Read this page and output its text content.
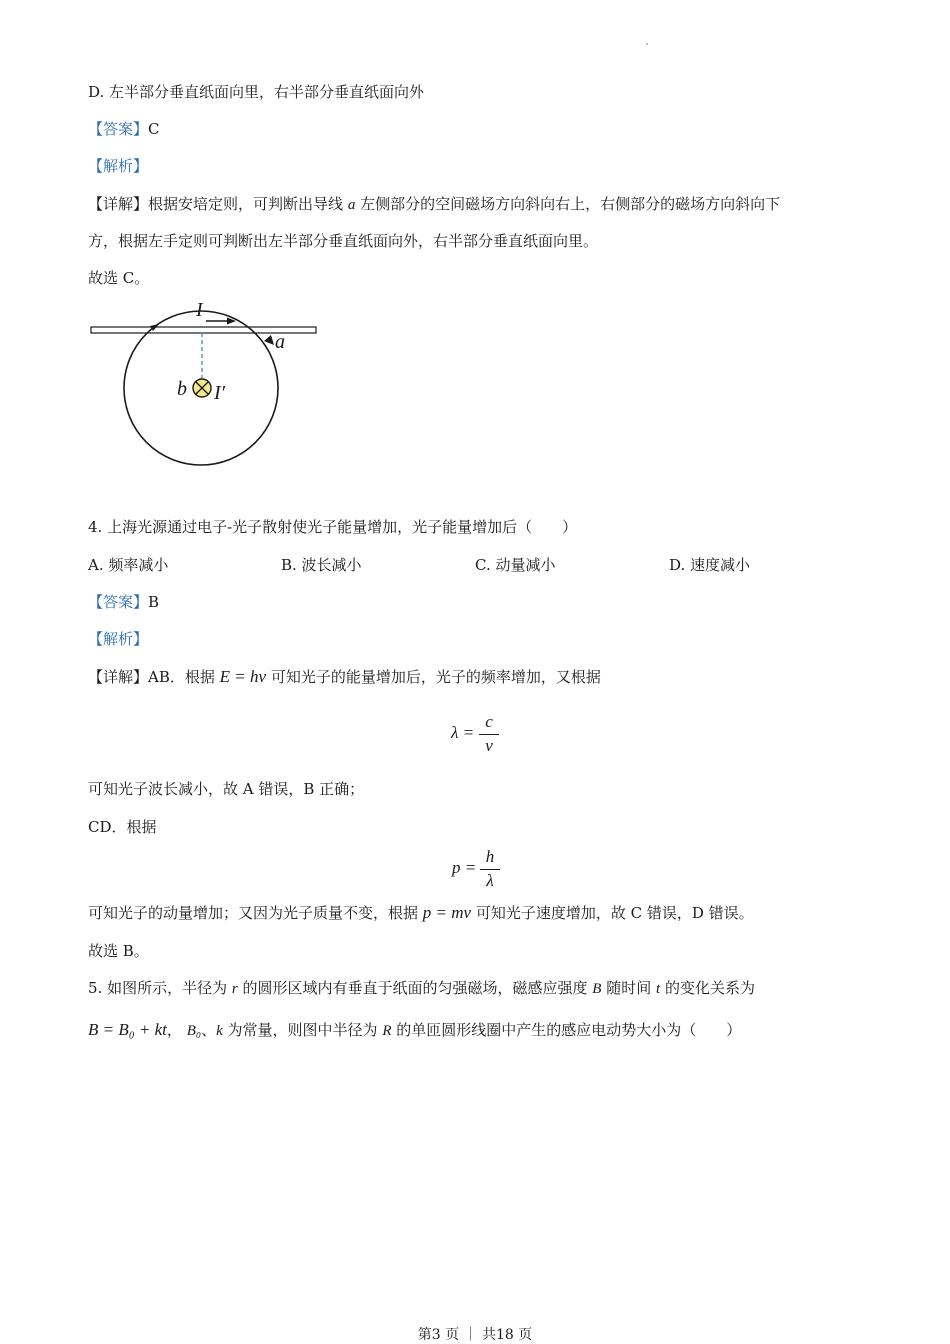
D. 左半部分垂直纸面向里，右半部分垂直纸面向外
【答案】C
【解析】
【详解】根据安培定则，可判断出导线 a 左侧部分的空间磁场方向斜向右上，右侧部分的磁场方向斜向下
方，根据左手定则可判断出左半部分垂直纸面向外，右半部分垂直纸面向里。
故选 C。
I
a
b I′
4. 上海光源通过电子-光子散射使光子能量增加，光子能量增加后（　　）
A. 频率减小	B. 波长减小	C. 动量减小	D. 速度减小
【答案】B
【解析】
【详解】AB．根据 E = hν 可知光子的能量增加后，光子的频率增加，又根据
λ =
c
ν
可知光子波长减小，故 A 错误，B 正确；
CD．根据
p =
h
λ
可知光子的动量增加；又因为光子质量不变，根据 p = mv 可知光子速度增加，故 C 错误，D 错误。
故选 B。
5. 如图所示，半径为 r 的圆形区域内有垂直于纸面的匀强磁场，磁感应强度 B 随时间 t 的变化关系为
B = B₀ + kt， B₀、k 为常量，则图中半径为 R 的单匝圆形线圈中产生的感应电动势大小为（　　）
第3 页 ｜ 共18 页
